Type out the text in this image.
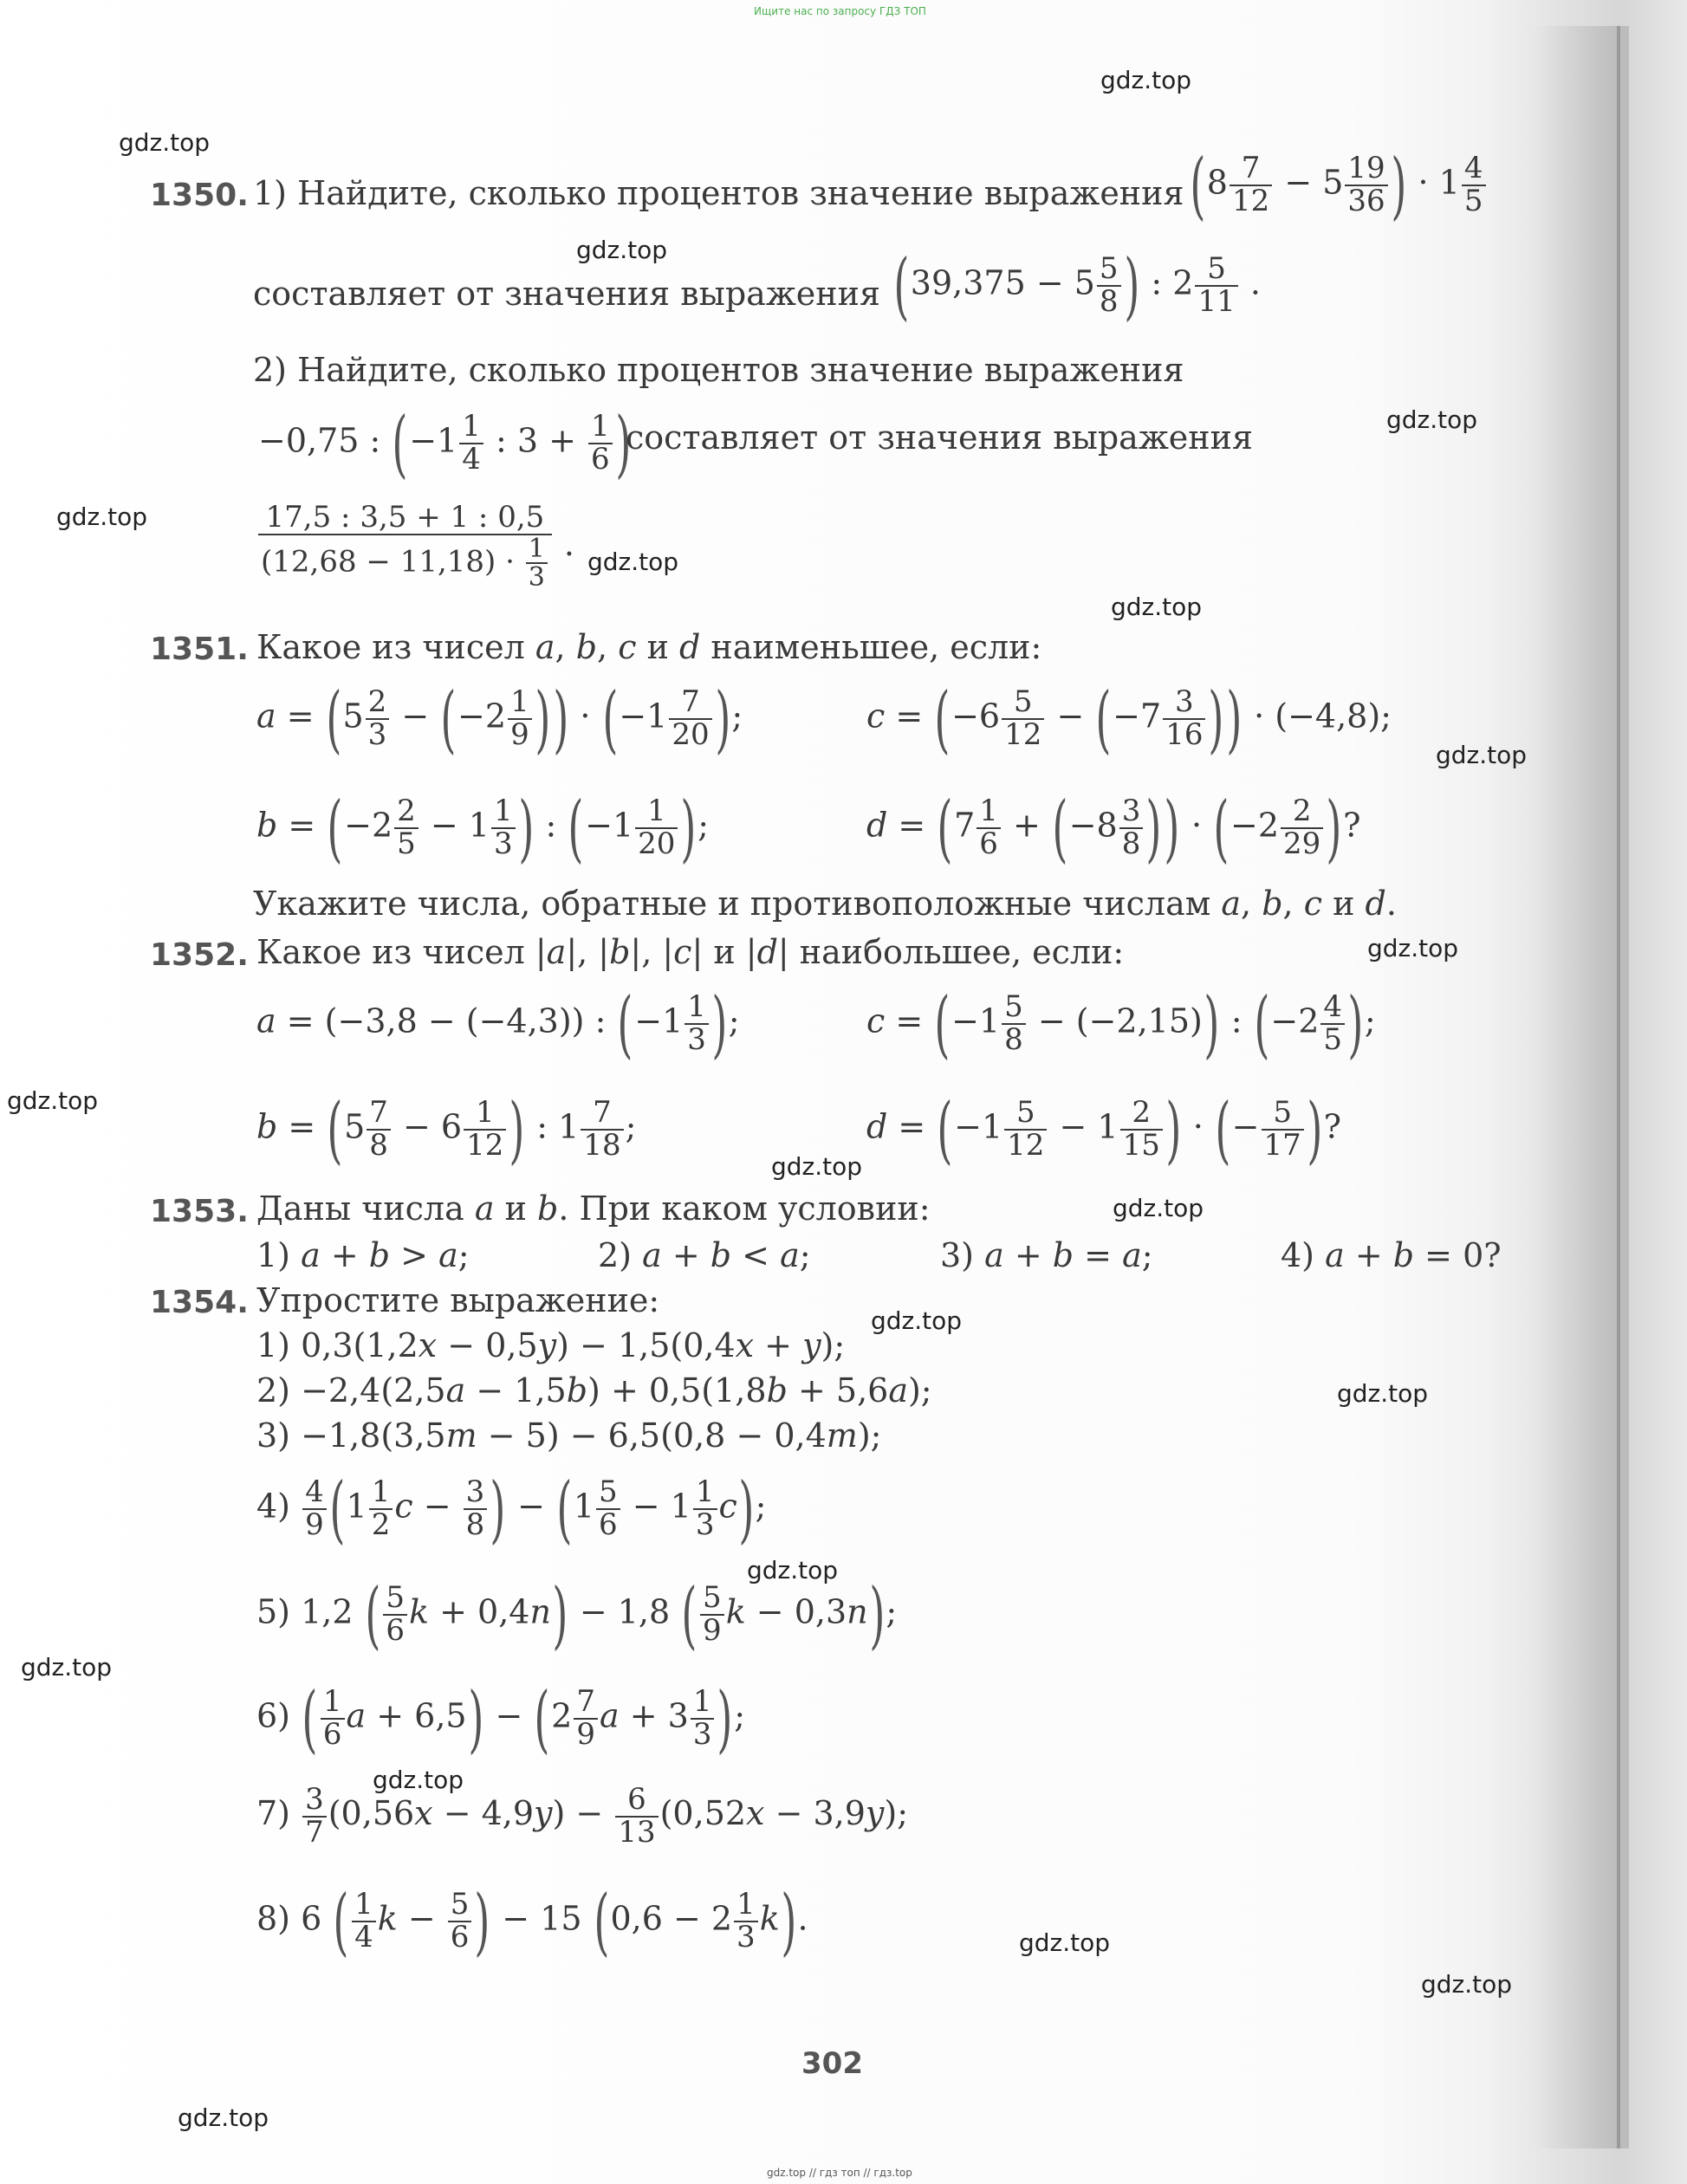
Ищите нас по запросу ГДЗ ТОП
gdz.top
gdz.top
gdz.top
gdz.top
gdz.top
gdz.top
gdz.top
gdz.top
gdz.top
gdz.top
gdz.top
gdz.top
gdz.top
gdz.top
gdz.top
gdz.top
gdz.top
gdz.top
gdz.top
gdz.top
1350. 1) Найдите, сколько процентов значение выражения ($8 \frac{7}{12} - 5 \frac{19}{36}$ ) · $1 \frac{4}{5}$
составляет от значения выражения ($39,375 - 5 \frac{5}{8}$ ) : $2 \frac{5}{11}$ .
2) Найдите, сколько процентов значение выражения
−0,75 : ($-1 \frac{1}{4}$ : $3 + \frac{1}{6}$ )
составляет от значения выражения
$\frac{17,5 : 3,5 + 1 : 0,5}{(12,68 - 11,18) \cdot \frac{1}{3}}$ .
1351. Какое из чисел a, b, c и d наименьшее, если:
$a = (5 \frac{2}{3} - (-2 \frac{1}{9}$ )) · ($-1 \frac{7}{20}$ );	$c = (-6 \frac{5}{12} - (-7 \frac{3}{16}$ )) · (−4,8);
$b = (-2 \frac{2}{5} - 1 \frac{1}{3}$ ) : ($-1 \frac{1}{20}$ );	$d = (7 \frac{1}{6} + (-8 \frac{3}{8}$ )) · ($-2 \frac{2}{29}$ )?
Укажите числа, обратные и противоположные числам a, b, c и d.
1352. Какое из чисел |a|, |b|, |c| и |d| наибольшее, если:
a = (−3,8 − (−4,3)) : ($-1 \frac{1}{3}$ );	$c = (-1 \frac{5}{8} - (-2,15))$ : ($-2 \frac{4}{5}$ );
$b = (5 \frac{7}{8} - 6 \frac{1}{12}$ ) : $1 \frac{7}{18}$ ;	$d = (-1 \frac{5}{12} - 1 \frac{2}{15}$ ) · (− $\frac{5}{17}$ )?
1353. Даны числа a и b. При каком условии:
1) a + b > a;	2) a + b < a;	3) a + b = a;	4) a + b = 0?
1354. Упростите выражение:
1) 0,3(1,2x − 0,5y) − 1,5(0,4x + y);
2) −2,4(2,5a − 1,5b) + 0,5(1,8b + 5,6a);
3) −1,8(3,5m − 5) − 6,5(0,8 − 0,4m);
$4) \frac{4}{9} (1 \frac{1}{2}$ $c - \frac{3}{8}$ ) − $(1 \frac{5}{6} - 1 \frac{1}{3} c)$;
5) 1,2 ( $\frac{5}{6}$ k + 0,4n) − 1,8 ( $\frac{5}{9}$ k − 0,3n);
6) ( $\frac{1}{6}$ $a + 6,5) - (2 \frac{7}{9}$ $a + 3 \frac{1}{3}$ );
$7) \frac{3}{7} (0,56x - 4,9y) - \frac{6}{13} (0,52x - 3,9y)$;
8) 6 ( $\frac{1}{4}$ $k - \frac{5}{6}$ ) − 15 $(0,6 - 2 \frac{1}{3} k)$.
302
gdz.top // гдз топ // гдз.top
